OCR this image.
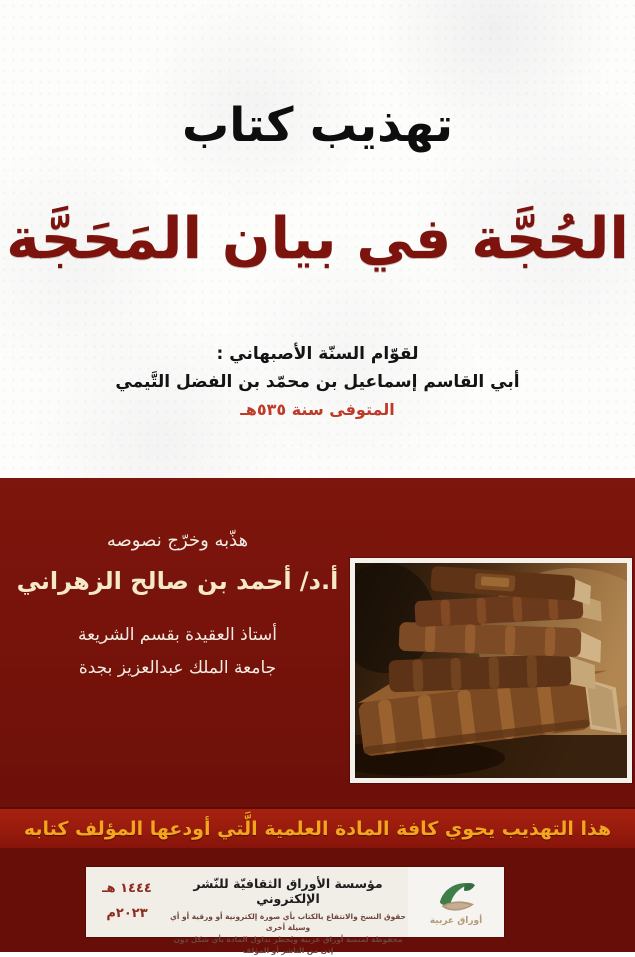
تهذيب كتاب
الحُجَّة في بيان المَحَجَّة
لقوّام السنّة الأصبهاني :
أبي القاسم إسماعيل بن محمّد بن الفضل التَّيمي
المتوفى سنة ٥٣٥هـ
هذّبه وخرّج نصوصه
أ.د/ أحمد بن صالح الزهراني
أستاذ العقيدة بقسم الشريعة
جامعة الملك عبدالعزيز بجدة
هذا التهذيب يحوي كافة المادة العلمية الَّتي أودعها المؤلف كتابه
أوراق عربية
مؤسسة الأوراق الثقافيّة للنّشر الإلكتروني
حقوق النسخ والانتفاع بالكتاب بأي صورة إلكترونية أو ورقية أو أي وسيلة أخرى
محفوظة لمنصة أوراق عربية ويُحظر تداول المادة بأي شكل دون إذن من الناشر أو المؤلف
١٤٤٤ هـ
٢٠٢٣م
